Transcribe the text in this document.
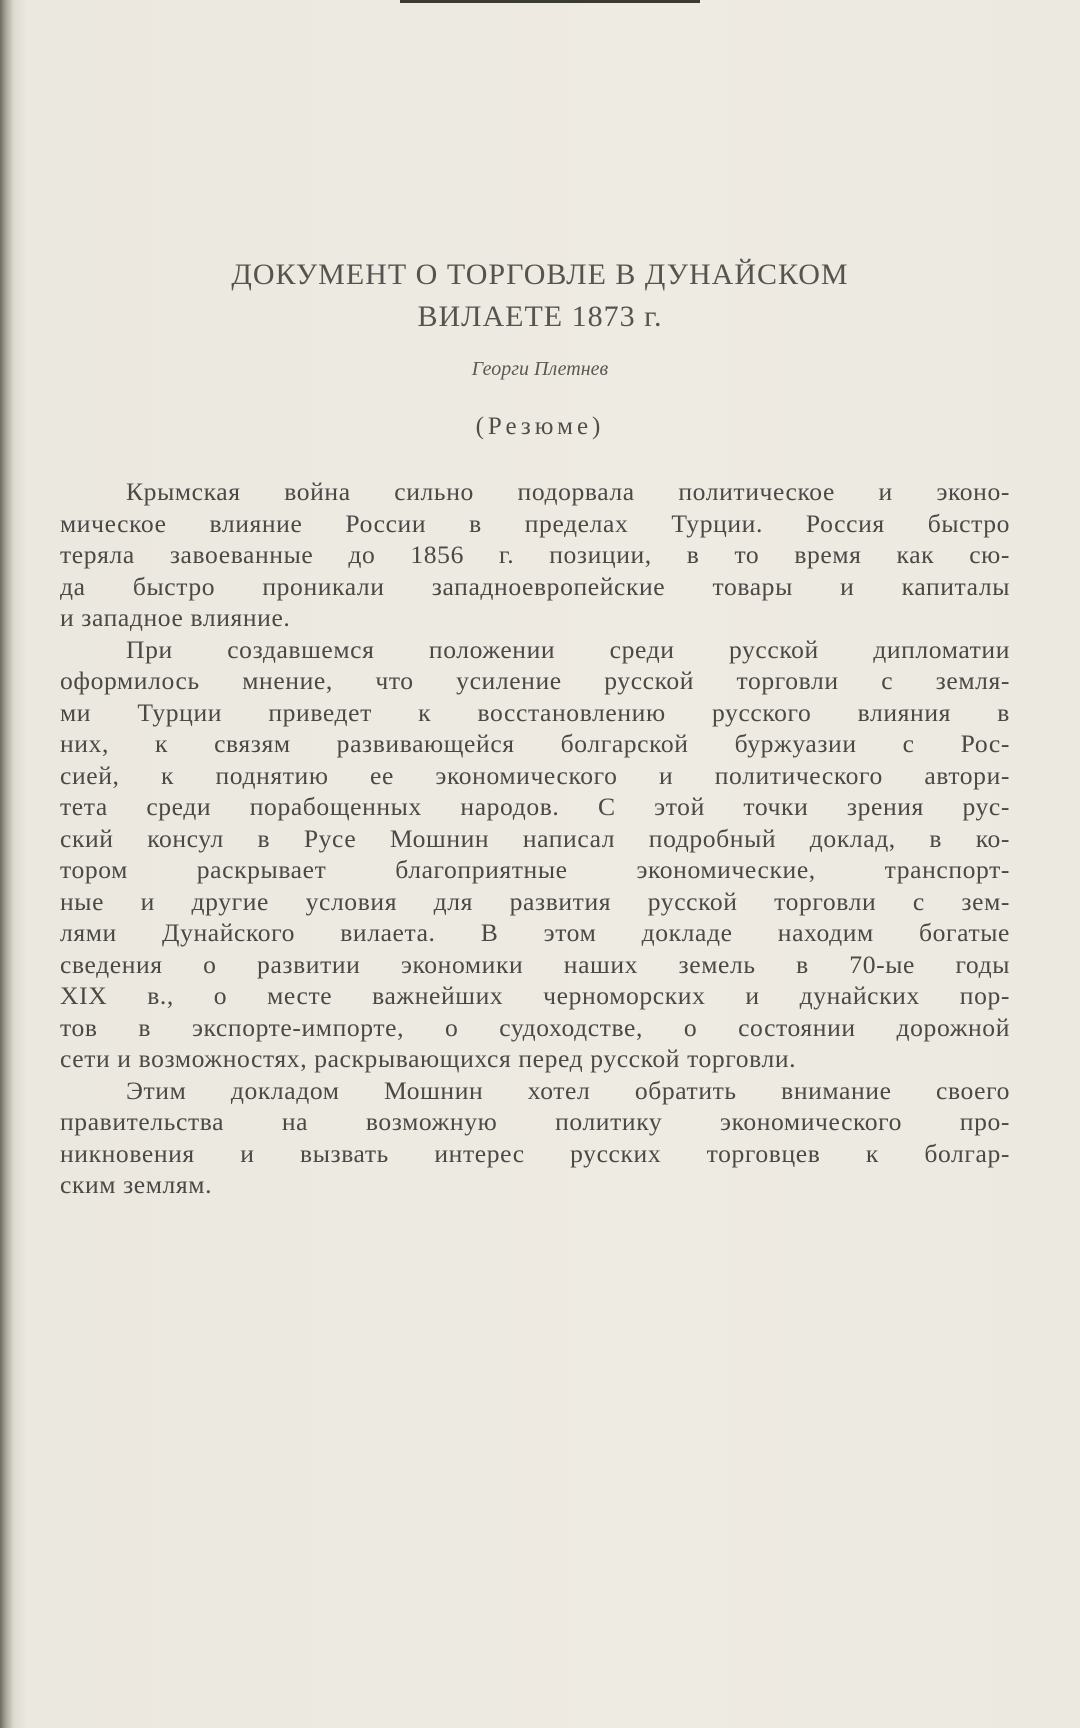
ДОКУМЕНТ О ТОРГОВЛЕ В ДУНАЙСКОМ
ВИЛАЕТЕ 1873 г.
Георги Плетнев
(Резюме)
Крымская война сильно подорвала политическое и эконо-
мическое влияние России в пределах Турции. Россия быстро
теряла завоеванные до 1856 г. позиции, в то время как сю-
да быстро проникали западноевропейские товары и капиталы
и западное влияние.
При создавшемся положении среди русской дипломатии
оформилось мнение, что усиление русской торговли с земля-
ми Турции приведет к восстановлению русского влияния в
них, к связям развивающейся болгарской буржуазии с Рос-
сией, к поднятию ее экономического и политического автори-
тета среди порабощенных народов. С этой точки зрения рус-
ский консул в Русе Мошнин написал подробный доклад, в ко-
тором раскрывает благоприятные экономические, транспорт-
ные и другие условия для развития русской торговли с зем-
лями Дунайского вилаета. В этом докладе находим богатые
сведения о развитии экономики наших земель в 70-ые годы
XIX в., о месте важнейших черноморских и дунайских пор-
тов в экспорте-импорте, о судоходстве, о состоянии дорожной
сети и возможностях, раскрывающихся перед русской торговли.
Этим докладом Мошнин хотел обратить внимание своего
правительства на возможную политику экономического про-
никновения и вызвать интерес русских торговцев к болгар-
ским землям.
